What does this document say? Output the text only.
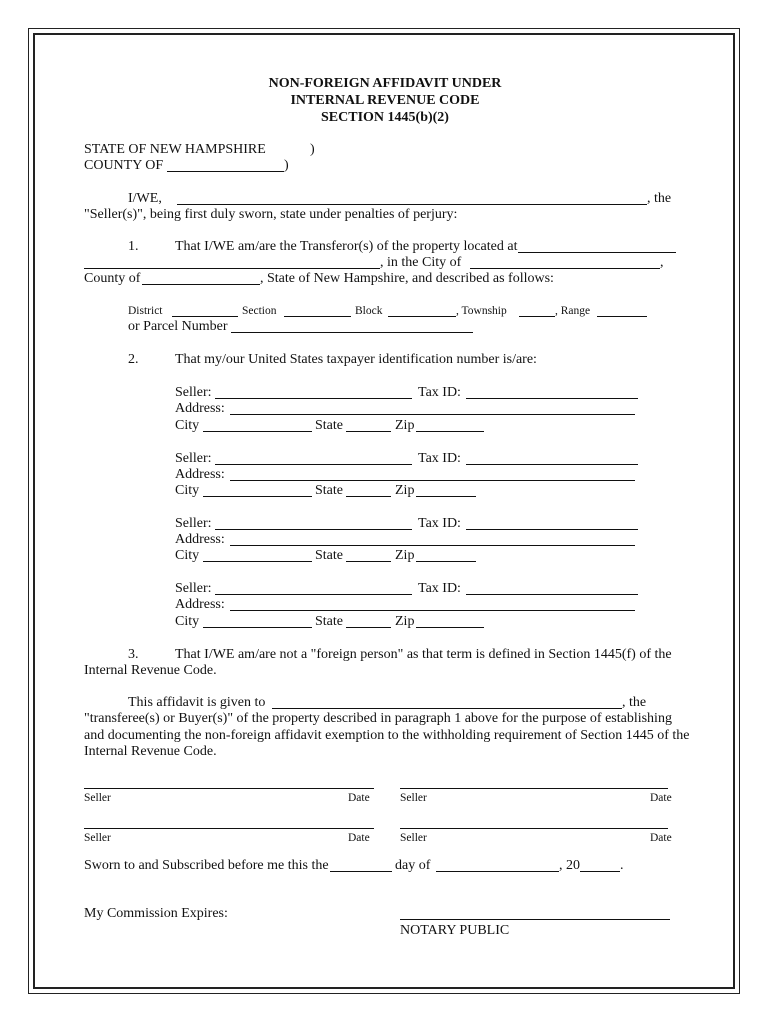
NON-FOREIGN AFFIDAVIT UNDER
INTERNAL REVENUE CODE
SECTION 1445(b)(2)
STATE OF NEW HAMPSHIRE	)
COUNTY OF	)
I/WE,	, the
"Seller(s)", being first duly sworn, state under penalties of perjury:
1.	That I/WE am/are the Transferor(s) of the property located at
, in the City of	,
County of	, State of New Hampshire, and described as follows:
District	Section	Block	, Township	, Range
or Parcel Number
2.	That my/our United States taxpayer identification number is/are:
Seller:	Tax ID:
Address:
City	State	Zip
Seller:	Tax ID:
Address:
City	State	Zip
Seller:	Tax ID:
Address:
City	State	Zip
Seller:	Tax ID:
Address:
City	State	Zip
3.	That I/WE am/are not a "foreign person" as that term is defined in Section 1445(f) of the
Internal Revenue Code.
This affidavit is given to	, the
"transferee(s) or Buyer(s)" of the property described in paragraph 1 above for the purpose of establishing
and documenting the non-foreign affidavit exemption to the withholding requirement of Section 1445 of the
Internal Revenue Code.
Seller	Date	Seller	Date
Seller	Date	Seller	Date
Sworn to and Subscribed before me this the	day of	, 20	.
My Commission Expires:
NOTARY PUBLIC
